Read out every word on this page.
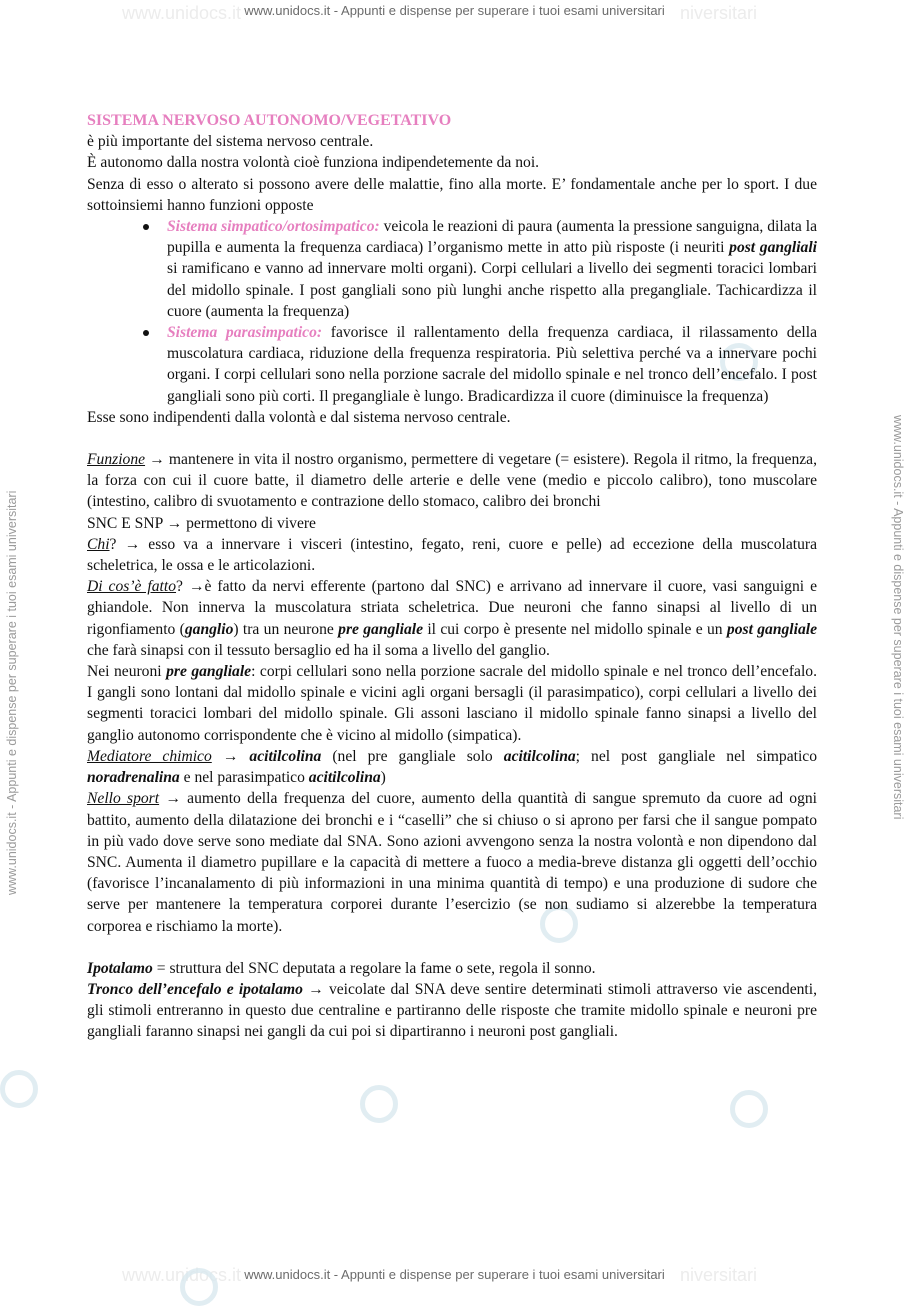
www.unidocs.it	niversitari
www.unidocs.it	niversitari
www.unidocs.it - Appunti e dispense per superare i tuoi esami universitari
www.unidocs.it - Appunti e dispense per superare i tuoi esami universitari
www.unidocs.it - Appunti e dispense per superare i tuoi esami universitari	www.unidocs.it - Appunti e dispense per superare i tuoi esami universitari

SISTEMA NERVOSO AUTONOMO/VEGETATIVO

è più importante del sistema nervoso centrale.

È autonomo dalla nostra volontà cioè funziona indipendetemente da noi.

Senza di esso o alterato si possono avere delle malattie, fino alla morte. E’ fondamentale anche per lo sport. I due sottoinsiemi hanno funzioni opposte

Sistema simpatico/ortosimpatico: veicola le reazioni di paura (aumenta la pressione sanguigna, dilata la pupilla e aumenta la frequenza cardiaca) l’organismo mette in atto più risposte (i neuriti post gangliali si ramificano e vanno ad innervare molti organi). Corpi cellulari a livello dei segmenti toracici lombari del midollo spinale. I post gangliali sono più lunghi anche rispetto alla pregangliale. Tachicardizza il cuore (aumenta la frequenza)
Sistema parasimpatico: favorisce il rallentamento della frequenza cardiaca, il rilassamento della muscolatura cardiaca, riduzione della frequenza respiratoria. Più selettiva perché va a innervare pochi organi. I corpi cellulari sono nella porzione sacrale del midollo spinale e nel tronco dell’encefalo. I post gangliali sono più corti. Il pregangliale è lungo. Bradicardizza il cuore (diminuisce la frequenza)

Esse sono indipendenti dalla volontà e dal sistema nervoso centrale.

Funzione → mantenere in vita il nostro organismo, permettere di vegetare (= esistere). Regola il ritmo, la frequenza, la forza con cui il cuore batte, il diametro delle arterie e delle vene (medio e piccolo calibro), tono muscolare (intestino, calibro di svuotamento e contrazione dello stomaco, calibro dei bronchi

SNC E SNP → permettono di vivere

Chi? → esso va a innervare i visceri (intestino, fegato, reni, cuore e pelle) ad eccezione della muscolatura scheletrica, le ossa e le articolazioni.

Di cos’è fatto? →è fatto da nervi efferente (partono dal SNC) e arrivano ad innervare il cuore, vasi sanguigni e ghiandole. Non innerva la muscolatura striata scheletrica. Due neuroni che fanno sinapsi al livello di un rigonfiamento (ganglio) tra un neurone pre gangliale il cui corpo è presente nel midollo spinale e un post gangliale che farà sinapsi con il tessuto bersaglio ed ha il soma a livello del ganglio.

Nei neuroni pre gangliale: corpi cellulari sono nella porzione sacrale del midollo spinale e nel tronco dell’encefalo. I gangli sono lontani dal midollo spinale e vicini agli organi bersagli (il parasimpatico), corpi cellulari a livello dei segmenti toracici lombari del midollo spinale. Gli assoni lasciano il midollo spinale fanno sinapsi a livello del ganglio autonomo corrispondente che è vicino al midollo (simpatica).

Mediatore chimico → acitilcolina (nel pre gangliale solo acitilcolina; nel post gangliale nel simpatico noradrenalina e nel parasimpatico acitilcolina)

Nello sport → aumento della frequenza del cuore, aumento della quantità di sangue spremuto da cuore ad ogni battito, aumento della dilatazione dei bronchi e i “caselli” che si chiuso o si aprono per farsi che il sangue pompato in più vado dove serve sono mediate dal SNA. Sono azioni avvengono senza la nostra volontà e non dipendono dal SNC. Aumenta il diametro pupillare e la capacità di mettere a fuoco a media-breve distanza gli oggetti dell’occhio (favorisce l’incanalamento di più informazioni in una minima quantità di tempo) e una produzione di sudore che serve per mantenere la temperatura corporei durante l’esercizio (se non sudiamo si alzerebbe la temperatura corporea e rischiamo la morte).

Ipotalamo = struttura del SNC deputata a regolare la fame o sete, regola il sonno.

Tronco dell’encefalo e ipotalamo → veicolate dal SNA deve sentire determinati stimoli attraverso vie ascendenti, gli stimoli entreranno in questo due centraline e partiranno delle risposte che tramite midollo spinale e neuroni pre gangliali faranno sinapsi nei gangli da cui poi si dipartiranno i neuroni post gangliali.
